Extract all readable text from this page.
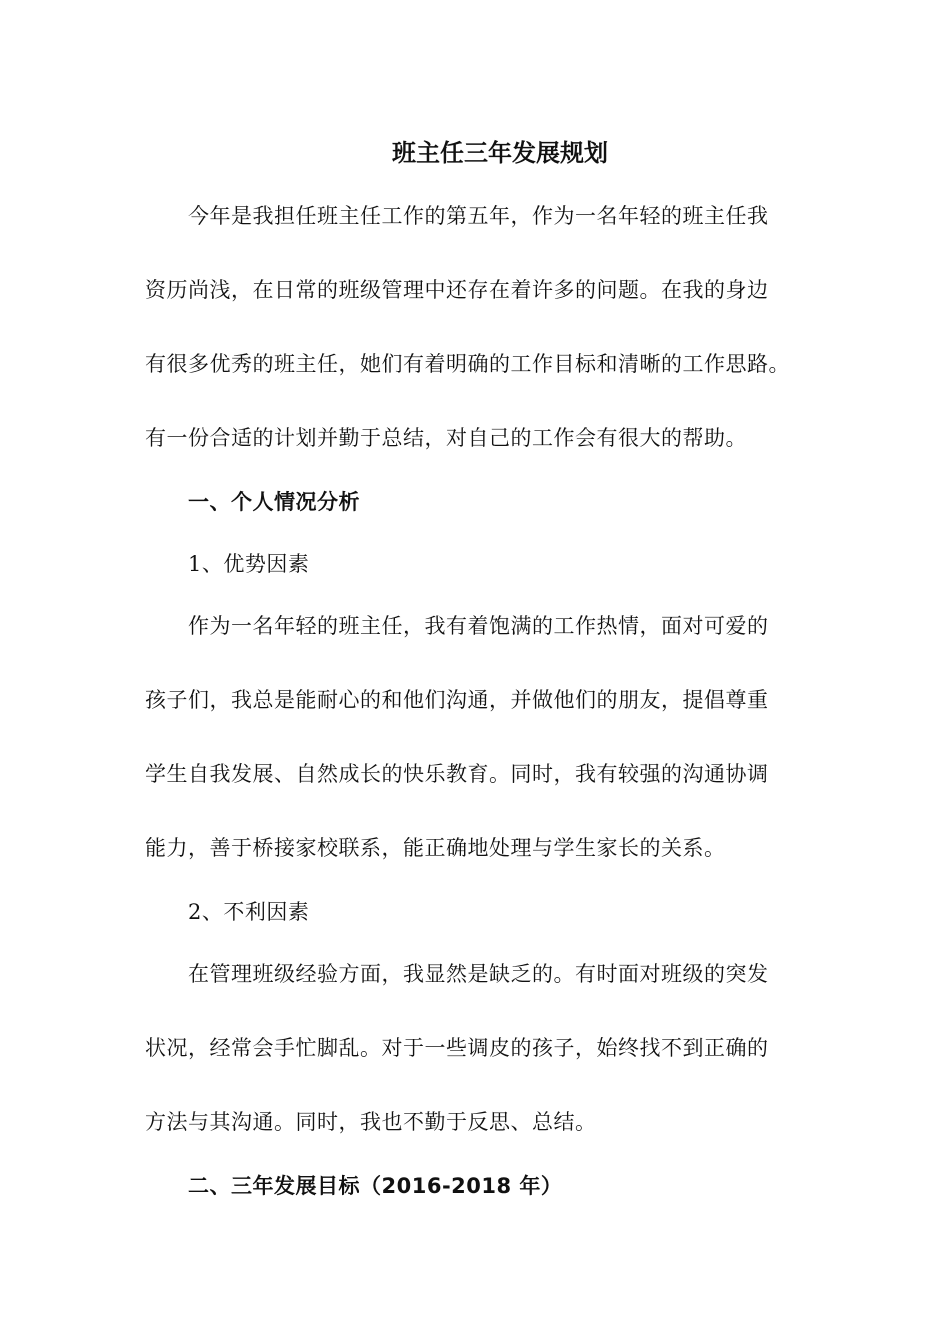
班主任三年发展规划
今年是我担任班主任工作的第五年，作为一名年轻的班主任我
资历尚浅，在日常的班级管理中还存在着许多的问题。在我的身边
有很多优秀的班主任，她们有着明确的工作目标和清晰的工作思路。
有一份合适的计划并勤于总结，对自己的工作会有很大的帮助。
一、个人情况分析
1、优势因素
作为一名年轻的班主任，我有着饱满的工作热情，面对可爱的
孩子们，我总是能耐心的和他们沟通，并做他们的朋友，提倡尊重
学生自我发展、自然成长的快乐教育。同时，我有较强的沟通协调
能力，善于桥接家校联系，能正确地处理与学生家长的关系。
2、不利因素
在管理班级经验方面，我显然是缺乏的。有时面对班级的突发
状况，经常会手忙脚乱。对于一些调皮的孩子，始终找不到正确的
方法与其沟通。同时，我也不勤于反思、总结。
二、三年发展目标（2016-2018 年）
